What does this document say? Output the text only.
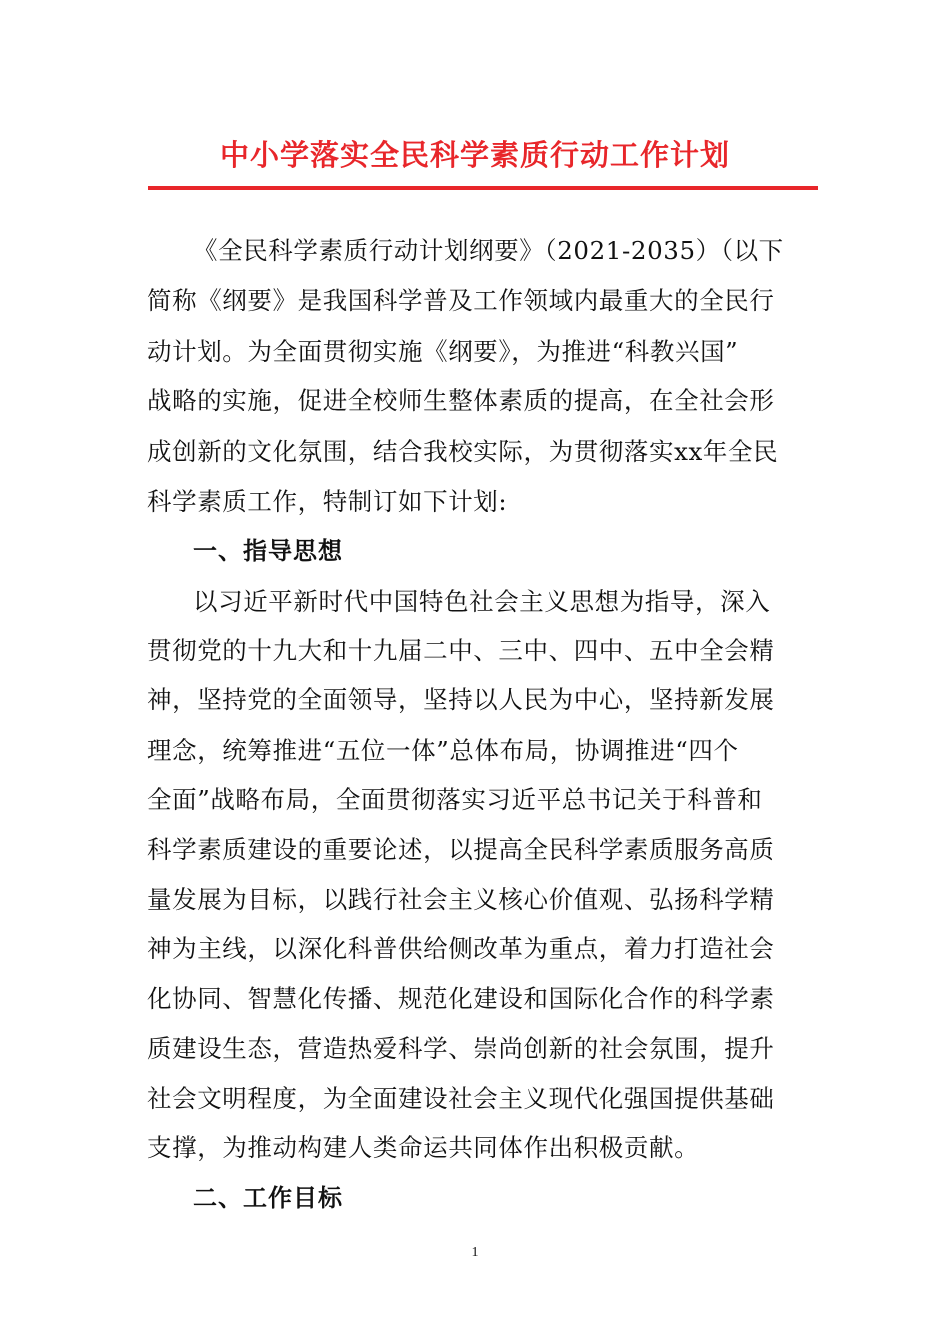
中小学落实全民科学素质行动工作计划
《全民科学素质行动计划纲要》（2021-2035）（以下
简称《纲要》是我国科学普及工作领域内最重大的全民行
动计划。为全面贯彻实施《纲要》，为推进“科教兴国”
战略的实施，促进全校师生整体素质的提高，在全社会形
成创新的文化氛围，结合我校实际，为贯彻落实xx年全民
科学素质工作，特制订如下计划:
一、指导思想
以习近平新时代中国特色社会主义思想为指导，深入
贯彻党的十九大和十九届二中、三中、四中、五中全会精
神，坚持党的全面领导，坚持以人民为中心，坚持新发展
理念，统筹推进“五位一体”总体布局，协调推进“四个
全面”战略布局，全面贯彻落实习近平总书记关于科普和
科学素质建设的重要论述，以提高全民科学素质服务高质
量发展为目标，以践行社会主义核心价值观、弘扬科学精
神为主线，以深化科普供给侧改革为重点，着力打造社会
化协同、智慧化传播、规范化建设和国际化合作的科学素
质建设生态，营造热爱科学、崇尚创新的社会氛围，提升
社会文明程度，为全面建设社会主义现代化强国提供基础
支撑，为推动构建人类命运共同体作出积极贡献。
二、工作目标
1
